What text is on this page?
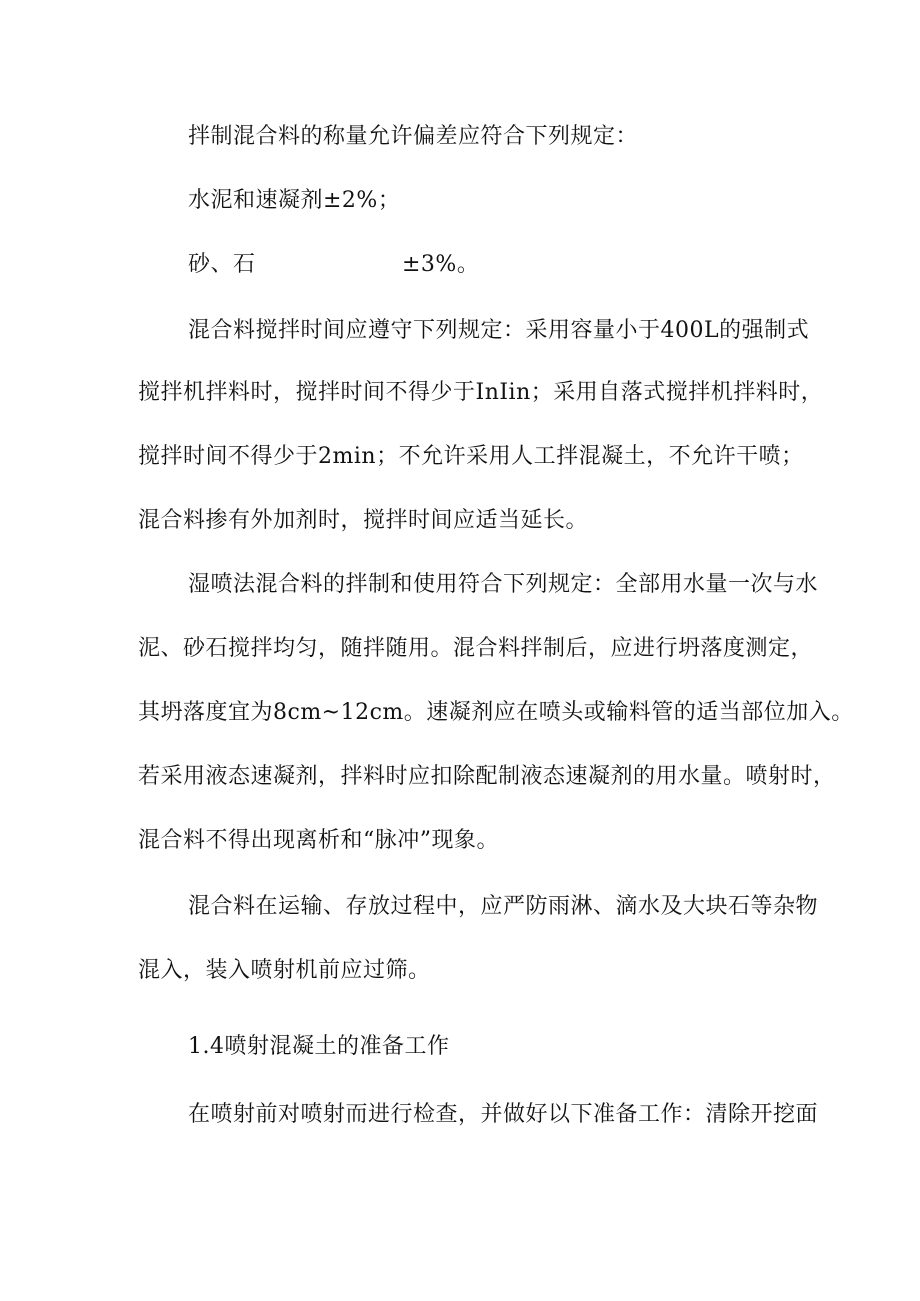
拌制混合料的称量允许偏差应符合下列规定：
水泥和速凝剂±2%；
砂、石	±3%。
混合料搅拌时间应遵守下列规定：采用容量小于400L的强制式
搅拌机拌料时，搅拌时间不得少于InIin；采用自落式搅拌机拌料时，
搅拌时间不得少于2min；不允许采用人工拌混凝土，不允许干喷；
混合料掺有外加剂时，搅拌时间应适当延长。
湿喷法混合料的拌制和使用符合下列规定：全部用水量一次与水
泥、砂石搅拌均匀，随拌随用。混合料拌制后，应进行坍落度测定，
其坍落度宜为8cm~12cm。速凝剂应在喷头或输料管的适当部位加入。
若采用液态速凝剂，拌料时应扣除配制液态速凝剂的用水量。喷射时，
混合料不得出现离析和“脉冲”现象。
混合料在运输、存放过程中，应严防雨淋、滴水及大块石等杂物
混入，装入喷射机前应过筛。
1.4喷射混凝土的准备工作
在喷射前对喷射而进行检查，并做好以下准备工作：清除开挖面
